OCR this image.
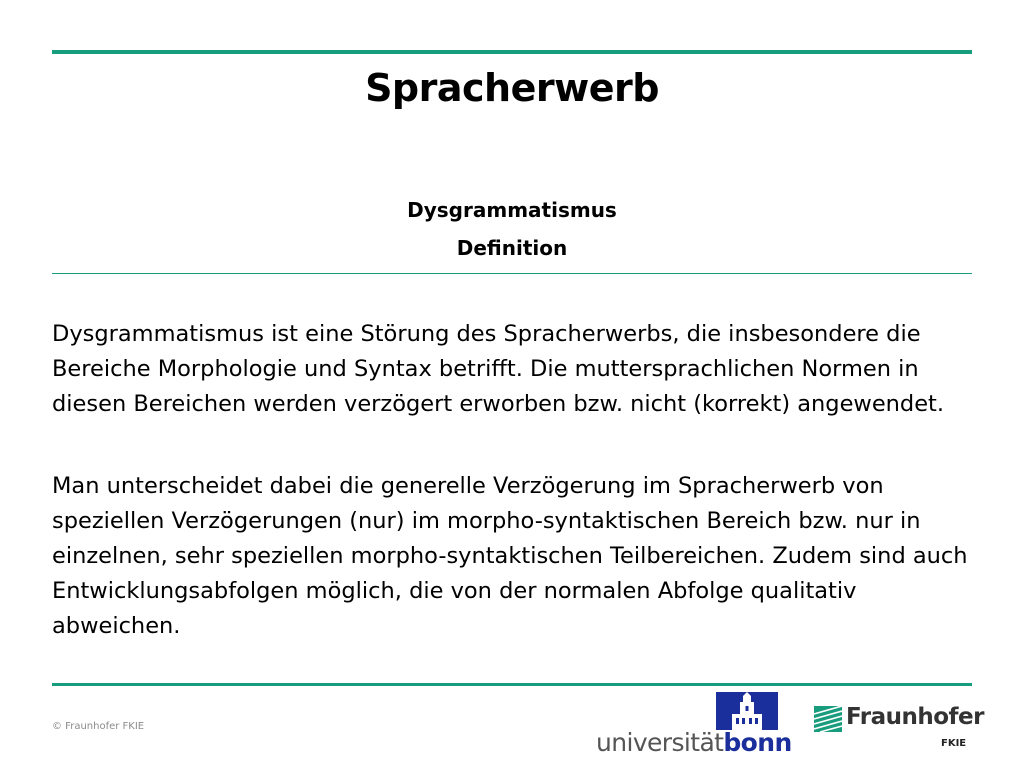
Spracherwerb
Dysgrammatismus
Definition

Dysgrammatismus ist eine Störung des Spracherwerbs, die insbesondere die Bereiche Morphologie und Syntax betrifft. Die muttersprachlichen Normen in diesen Bereichen werden verzögert erworben bzw. nicht (korrekt) angewendet.

Man unterscheidet dabei die generelle Verzögerung im Spracherwerb von speziellen Verzögerungen (nur) im morpho-syntaktischen Bereich bzw. nur in einzelnen, sehr speziellen morpho-syntaktischen Teilbereichen. Zudem sind auch Entwicklungsabfolgen möglich, die von der normalen Abfolge qualitativ abweichen.

© Fraunhofer FKIE
universitätbonn
Fraunhofer
FKIE
